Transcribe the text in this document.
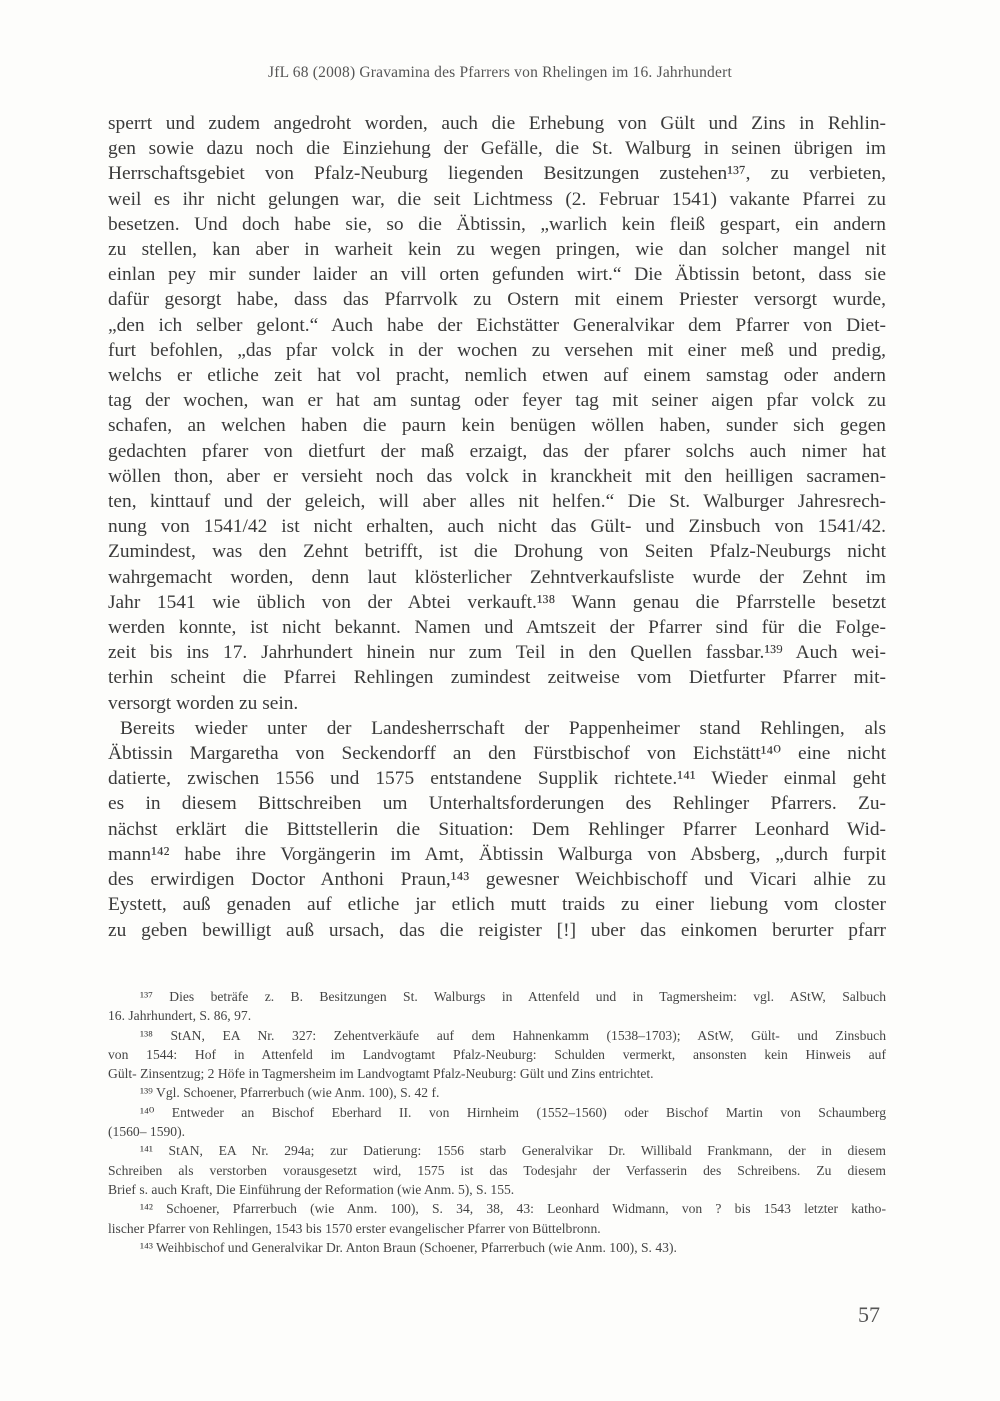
JfL 68 (2008) Gravamina des Pfarrers von Rhelingen im 16. Jahrhundert
sperrt und zudem angedroht worden, auch die Erhebung von Gült und Zins in Rehlin-
gen sowie dazu noch die Einziehung der Gefälle, die St. Walburg in seinen übrigen im
Herrschaftsgebiet von Pfalz-Neuburg liegenden Besitzungen zustehen¹³⁷, zu verbieten,
weil es ihr nicht gelungen war, die seit Lichtmess (2. Februar 1541) vakante Pfarrei zu
besetzen. Und doch habe sie, so die Äbtissin, „warlich kein fleiß gespart, ein andern
zu stellen, kan aber in warheit kein zu wegen pringen, wie dan solcher mangel nit
einlan pey mir sunder laider an vill orten gefunden wirt.“ Die Äbtissin betont, dass sie
dafür gesorgt habe, dass das Pfarrvolk zu Ostern mit einem Priester versorgt wurde,
„den ich selber gelont.“ Auch habe der Eichstätter Generalvikar dem Pfarrer von Diet-
furt befohlen, „das pfar volck in der wochen zu versehen mit einer meß und predig,
welchs er etliche zeit hat vol pracht, nemlich etwen auf einem samstag oder andern
tag der wochen, wan er hat am suntag oder feyer tag mit seiner aigen pfar volck zu
schafen, an welchen haben die paurn kein benügen wöllen haben, sunder sich gegen
gedachten pfarer von dietfurt der maß erzaigt, das der pfarer solchs auch nimer hat
wöllen thon, aber er versieht noch das volck in kranckheit mit den heilligen sacramen-
ten, kinttauf und der geleich, will aber alles nit helfen.“ Die St. Walburger Jahresrech-
nung von 1541/42 ist nicht erhalten, auch nicht das Gült- und Zinsbuch von 1541/42.
Zumindest, was den Zehnt betrifft, ist die Drohung von Seiten Pfalz-Neuburgs nicht
wahrgemacht worden, denn laut klösterlicher Zehntverkaufsliste wurde der Zehnt im
Jahr 1541 wie üblich von der Abtei verkauft.¹³⁸ Wann genau die Pfarrstelle besetzt
werden konnte, ist nicht bekannt. Namen und Amtszeit der Pfarrer sind für die Folge-
zeit bis ins 17. Jahrhundert hinein nur zum Teil in den Quellen fassbar.¹³⁹ Auch wei-
terhin scheint die Pfarrei Rehlingen zumindest zeitweise vom Dietfurter Pfarrer mit-
versorgt worden zu sein.
Bereits wieder unter der Landesherrschaft der Pappenheimer stand Rehlingen, als
Äbtissin Margaretha von Seckendorff an den Fürstbischof von Eichstätt¹⁴⁰ eine nicht
datierte, zwischen 1556 und 1575 entstandene Supplik richtete.¹⁴¹ Wieder einmal geht
es in diesem Bittschreiben um Unterhaltsforderungen des Rehlinger Pfarrers. Zu-
nächst erklärt die Bittstellerin die Situation: Dem Rehlinger Pfarrer Leonhard Wid-
mann¹⁴² habe ihre Vorgängerin im Amt, Äbtissin Walburga von Absberg, „durch furpit
des erwirdigen Doctor Anthoni Praun,¹⁴³ gewesner Weichbischoff und Vicari alhie zu
Eystett, auß genaden auf etliche jar etlich mutt traids zu einer liebung vom closter
zu geben bewilligt auß ursach, das die reigister [!] uber das einkomen berurter pfarr
¹³⁷ Dies beträfe z. B. Besitzungen St. Walburgs in Attenfeld und in Tagmersheim: vgl. AStW, Salbuch
16. Jahrhundert, S. 86, 97.
¹³⁸ StAN, EA Nr. 327: Zehentverkäufe auf dem Hahnenkamm (1538–1703); AStW, Gült- und Zinsbuch
von 1544: Hof in Attenfeld im Landvogtamt Pfalz-Neuburg: Schulden vermerkt, ansonsten kein Hinweis auf
Gült- Zinsentzug; 2 Höfe in Tagmersheim im Landvogtamt Pfalz-Neuburg: Gült und Zins entrichtet.
¹³⁹ Vgl. Schoener, Pfarrerbuch (wie Anm. 100), S. 42 f.
¹⁴⁰ Entweder an Bischof Eberhard II. von Hirnheim (1552–1560) oder Bischof Martin von Schaumberg
(1560– 1590).
¹⁴¹ StAN, EA Nr. 294a; zur Datierung: 1556 starb Generalvikar Dr. Willibald Frankmann, der in diesem
Schreiben als verstorben vorausgesetzt wird, 1575 ist das Todesjahr der Verfasserin des Schreibens. Zu diesem
Brief s. auch Kraft, Die Einführung der Reformation (wie Anm. 5), S. 155.
¹⁴² Schoener, Pfarrerbuch (wie Anm. 100), S. 34, 38, 43: Leonhard Widmann, von ? bis 1543 letzter katho-
lischer Pfarrer von Rehlingen, 1543 bis 1570 erster evangelischer Pfarrer von Büttelbronn.
¹⁴³ Weihbischof und Generalvikar Dr. Anton Braun (Schoener, Pfarrerbuch (wie Anm. 100), S. 43).
57
